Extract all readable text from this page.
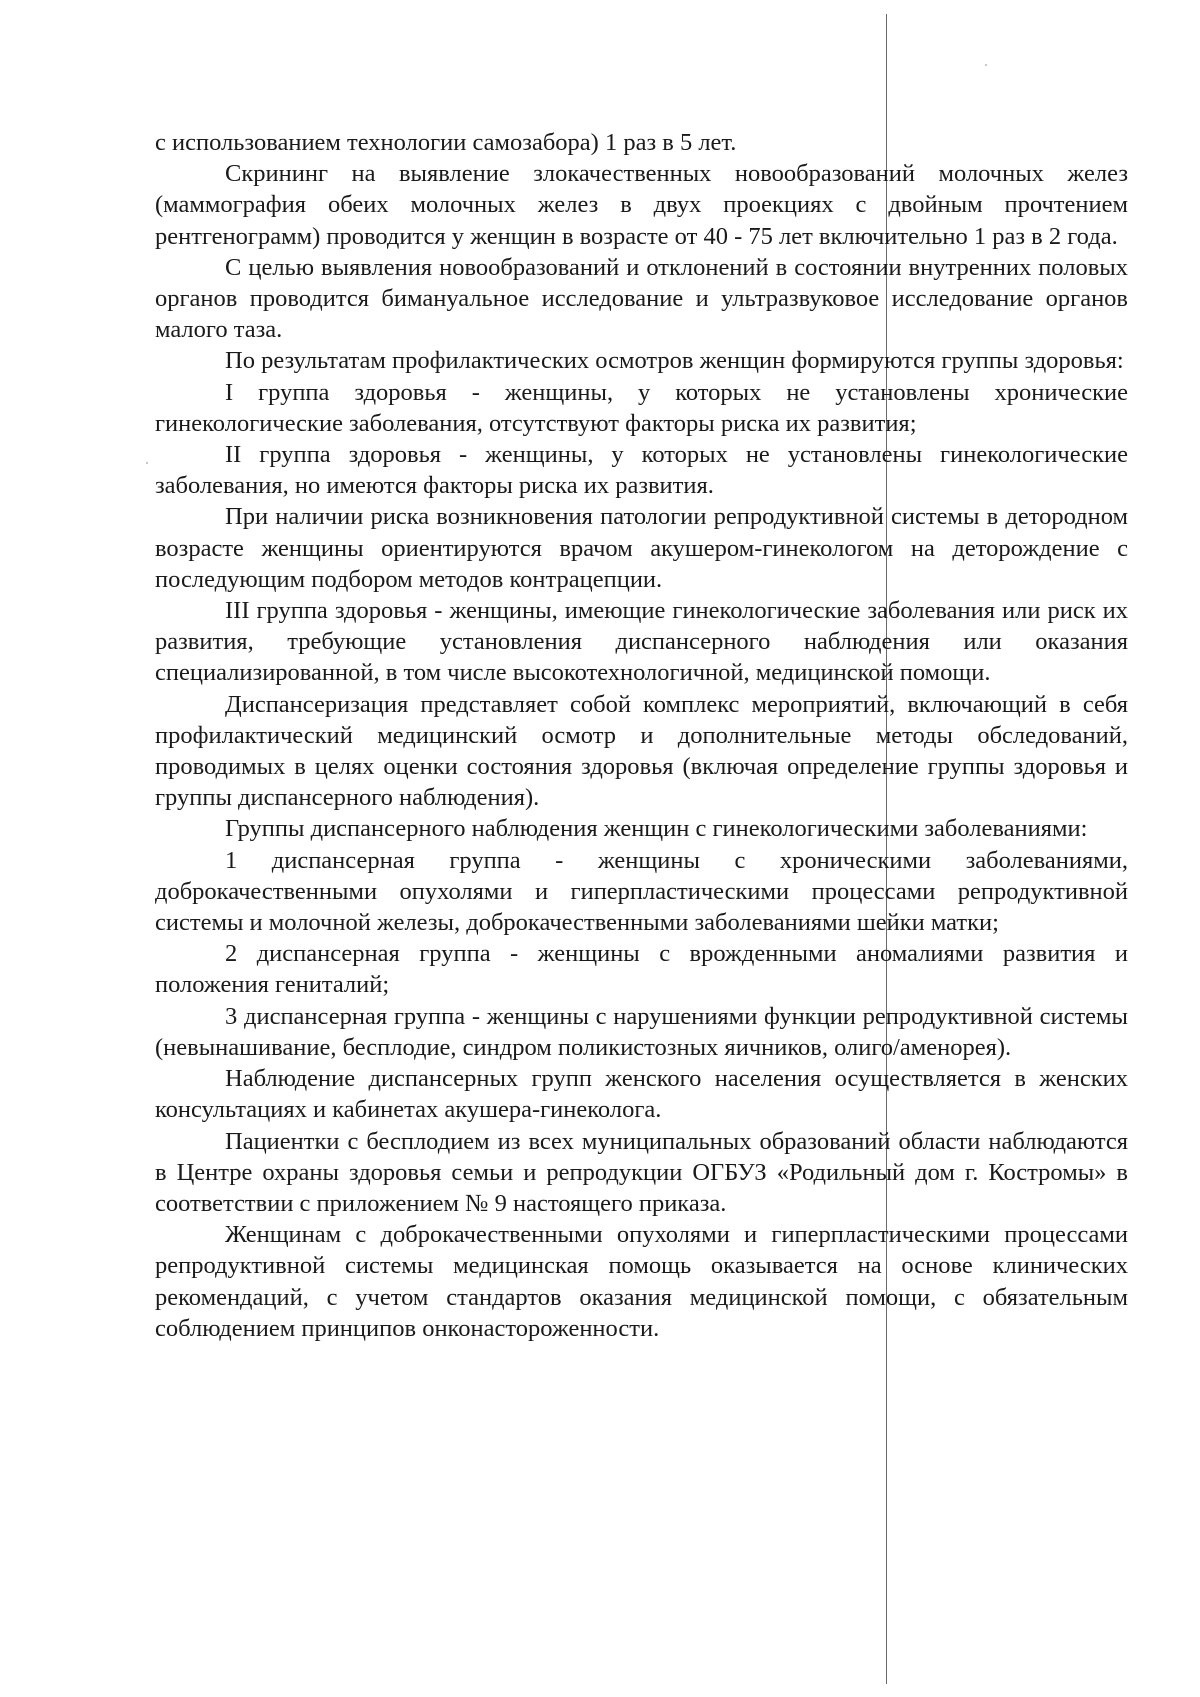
с использованием технологии самозабора) 1 раз в 5 лет.

Скрининг на выявление злокачественных новообразований молочных желез (маммография обеих молочных желез в двух проекциях с двойным прочтением рентгенограмм) проводится у женщин в возрасте от 40 - 75 лет включительно 1 раз в 2 года.

С целью выявления новообразований и отклонений в состоянии внутренних половых органов проводится бимануальное исследование и ультразвуковое исследование органов малого таза.

По результатам профилактических осмотров женщин формируются группы здоровья:

I группа здоровья - женщины, у которых не установлены хронические гинекологические заболевания, отсутствуют факторы риска их развития;

II группа здоровья - женщины, у которых не установлены гинекологические заболевания, но имеются факторы риска их развития.

При наличии риска возникновения патологии репродуктивной системы в детородном возрасте женщины ориентируются врачом акушером-гинекологом на деторождение с последующим подбором методов контрацепции.

III группа здоровья - женщины, имеющие гинекологические заболевания или риск их развития, требующие установления диспансерного наблюдения или оказания специализированной, в том числе высокотехнологичной, медицинской помощи.

Диспансеризация представляет собой комплекс мероприятий, включающий в себя профилактический медицинский осмотр и дополнительные методы обследований, проводимых в целях оценки состояния здоровья (включая определение группы здоровья и группы диспансерного наблюдения).

Группы диспансерного наблюдения женщин с гинекологическими заболеваниями:

1 диспансерная группа - женщины с хроническими заболеваниями, доброкачественными опухолями и гиперпластическими процессами репродуктивной системы и молочной железы, доброкачественными заболеваниями шейки матки;

2 диспансерная группа - женщины с врожденными аномалиями развития и положения гениталий;

3 диспансерная группа - женщины с нарушениями функции репродуктивной системы (невынашивание, бесплодие, синдром поликистозных яичников, олиго/аменорея).

Наблюдение диспансерных групп женского населения осуществляется в женских консультациях и кабинетах акушера-гинеколога.

Пациентки с бесплодием из всех муниципальных образований области наблюдаются в Центре охраны здоровья семьи и репродукции ОГБУЗ «Родильный дом г. Костромы» в соответствии с приложением № 9 настоящего приказа.

Женщинам с доброкачественными опухолями и гиперпластическими процессами репродуктивной системы медицинская помощь оказывается на основе клинических рекомендаций, с учетом стандартов оказания медицинской помощи, с обязательным соблюдением принципов онконастороженности.
